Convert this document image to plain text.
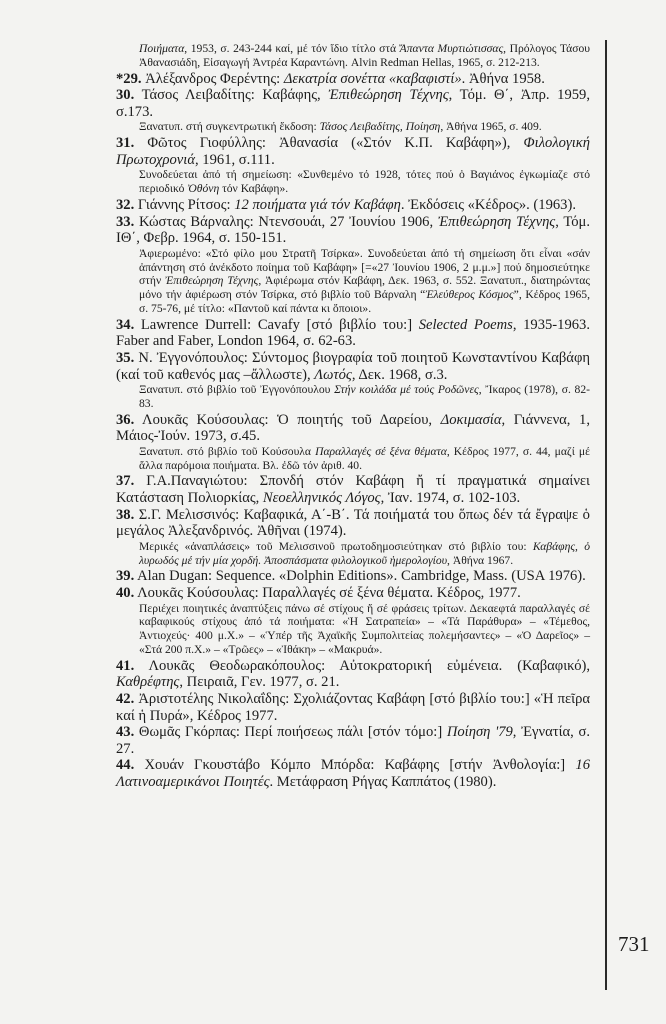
Ποιήματα, 1953, σ. 243-244 καί, μέ τόν ἴδιο τίτλο στά Ἄπαντα Μυρτιώτισσας, Πρόλογος Τάσου Ἀθανασιάδη, Εἰσαγωγή Ἀντρέα Καραντώνη. Alvin Redman Hellas, 1965, σ. 212-213.

*29. Ἀλέξανδρος Φερέντης: Δεκατρία σονέττα «καβαφιστί». Ἀθήνα 1958.

30. Τάσος Λειβαδίτης: Καβάφης, Ἐπιθεώρηση Τέχνης, Τόμ. Θ΄, Ἀπρ. 1959, σ.173.

Ξανατυπ. στή συγκεντρωτική ἔκδοση: Τάσος Λειβαδίτης, Ποίηση, Ἀθήνα 1965, σ. 409.

31. Φῶτος Γιοφύλλης: Ἀθανασία («Στόν Κ.Π. Καβάφη»), Φιλολογική Πρωτοχρονιά, 1961, σ.111.

Συνοδεύεται ἀπό τή σημείωση: «Συνθεμένο τό 1928, τότες πού ὁ Βαγιάνος ἐγκωμίαζε στό περιοδικό Ὀθόνη τόν Καβάφη».

32. Γιάννης Ρίτσος: 12 ποιήματα γιά τόν Καβάφη. Ἐκδόσεις «Κέδρος». (1963).

33. Κώστας Βάρναλης: Ντενσουάι, 27 Ἰουνίου 1906, Ἐπιθεώρηση Τέχνης, Τόμ. ΙΘ΄, Φεβρ. 1964, σ. 150-151.

Ἀφιερωμένο: «Στό φίλο μου Στρατῆ Τσίρκα». Συνοδεύεται ἀπό τή σημείωση ὅτι εἶναι «σάν ἀπάντηση στό ἀνέκδοτο ποίημα τοῦ Καβάφη» [=«27 Ἰουνίου 1906, 2 μ.μ.»] πού δημοσιεύτηκε στήν Ἐπιθεώρηση Τέχνης, Ἀφιέρωμα στόν Καβάφη, Δεκ. 1963, σ. 552. Ξανατυπ., διατηρώντας μόνο τήν ἀφιέρωση στόν Τσίρκα, στό βιβλίο τοῦ Βάρναλη “Ἐλεύθερος Κόσμος”, Κέδρος 1965, σ. 75-76, μέ τίτλο: «Παντοῦ καί πάντα κι ὅποιοι».

34. Lawrence Durrell: Cavafy [στό βιβλίο του:] Selected Poems, 1935-1963. Faber and Faber, London 1964, σ. 62-63.

35. Ν. Ἐγγονόπουλος: Σύντομος βιογραφία τοῦ ποιητοῦ Κωνσταντίνου Καβάφη (καί τοῦ καθενός μας –ἄλλωστε), Λωτός, Δεκ. 1968, σ.3.

Ξανατυπ. στό βιβλίο τοῦ Ἐγγονόπουλου Στήν κοιλάδα μέ τούς Ροδῶνες, Ἴκαρος (1978), σ. 82-83.

36. Λουκᾶς Κούσουλας: Ὁ ποιητής τοῦ Δαρείου, Δοκιμασία, Γιάννενα, 1, Μάιος-Ἰούν. 1973, σ.45.

Ξανατυπ. στό βιβλίο τοῦ Κούσουλα Παραλλαγές σέ ξένα θέματα, Κέδρος 1977, σ. 44, μαζί μέ ἄλλα παρόμοια ποιήματα. Βλ. ἐδῶ τόν ἀριθ. 40.

37. Γ.Α.Παναγιώτου: Σπονδή στόν Καβάφη ἤ τί πραγματικά σημαίνει Κατάσταση Πολιορκίας, Νεοελληνικός Λόγος, Ἰαν. 1974, σ. 102-103.

38. Σ.Γ. Μελισσινός: Καβαφικά, Α΄-Β΄. Τά ποιήματά του ὅπως δέν τά ἔγραψε ὁ μεγάλος Ἀλεξανδρινός. Ἀθῆναι (1974).

Μερικές «ἀναπλάσεις» τοῦ Μελισσινοῦ πρωτοδημοσιεύτηκαν στό βιβλίο του: Καβάφης, ὁ λυρωδός μέ τήν μία χορδή. Ἀποσπάσματα φιλολογικοῦ ἡμερολογίου, Ἀθήνα 1967.

39. Alan Dugan: Sequence. «Dolphin Editions». Cambridge, Mass. (USA 1976).

40. Λουκᾶς Κούσουλας: Παραλλαγές σέ ξένα θέματα. Κέδρος, 1977.

Περιέχει ποιητικές ἀναπτύξεις πάνω σέ στίχους ἤ σέ φράσεις τρίτων. Δεκαεφτά παραλλαγές σέ καβαφικούς στίχους ἀπό τά ποιήματα: «Ἡ Σατραπεία» – «Τά Παράθυρα» – «Τέμεθος, Ἀντιοχεύς· 400 μ.Χ.» – «Ὑπέρ τῆς Ἀχαϊκῆς Συμπολιτείας πολεμήσαντες» – «Ὁ Δαρεῖος» – «Στά 200 π.Χ.» – «Τρῶες» – «Ἰθάκη» – «Μακρυά».

41. Λουκᾶς Θεοδωρακόπουλος: Αὐτοκρατορική εὐμένεια. (Καβαφικό), Καθρέφτης, Πειραιᾶ, Γεν. 1977, σ. 21.

42. Ἀριστοτέλης Νικολαΐδης: Σχολιάζοντας Καβάφη [στό βιβλίο του:] «Ἡ πεῖρα καί ἡ Πυρά», Κέδρος 1977.

43. Θωμᾶς Γκόρπας: Περί ποιήσεως πάλι [στόν τόμο:] Ποίηση '79, Ἐγνατία, σ. 27.

44. Χουάν Γκουστάβο Κόμπο Μπόρδα: Καβάφης [στήν Ἀνθολογία:] 16 Λατινοαμερικάνοι Ποιητές. Μετάφραση Ρήγας Καππάτος (1980).

731
